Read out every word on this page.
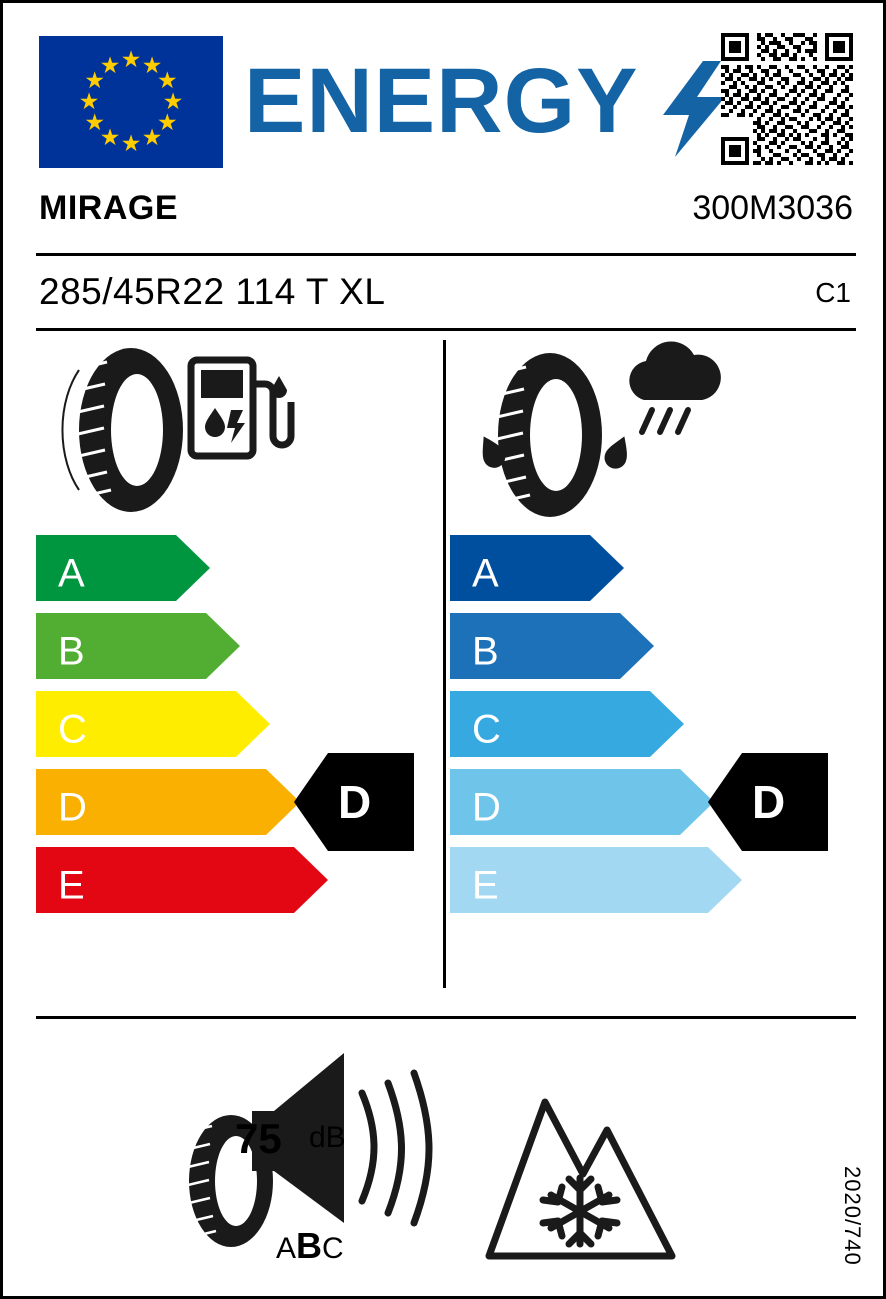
★ ★
★
★
★
★
★
★
★
★
★
★ ENERGY
MIRAGE	300M3036
285/45R22 114 T XL	C1
A
B
C
D	D
E
A
B
C
D	D
E
75 dB
ABC	2020/740
